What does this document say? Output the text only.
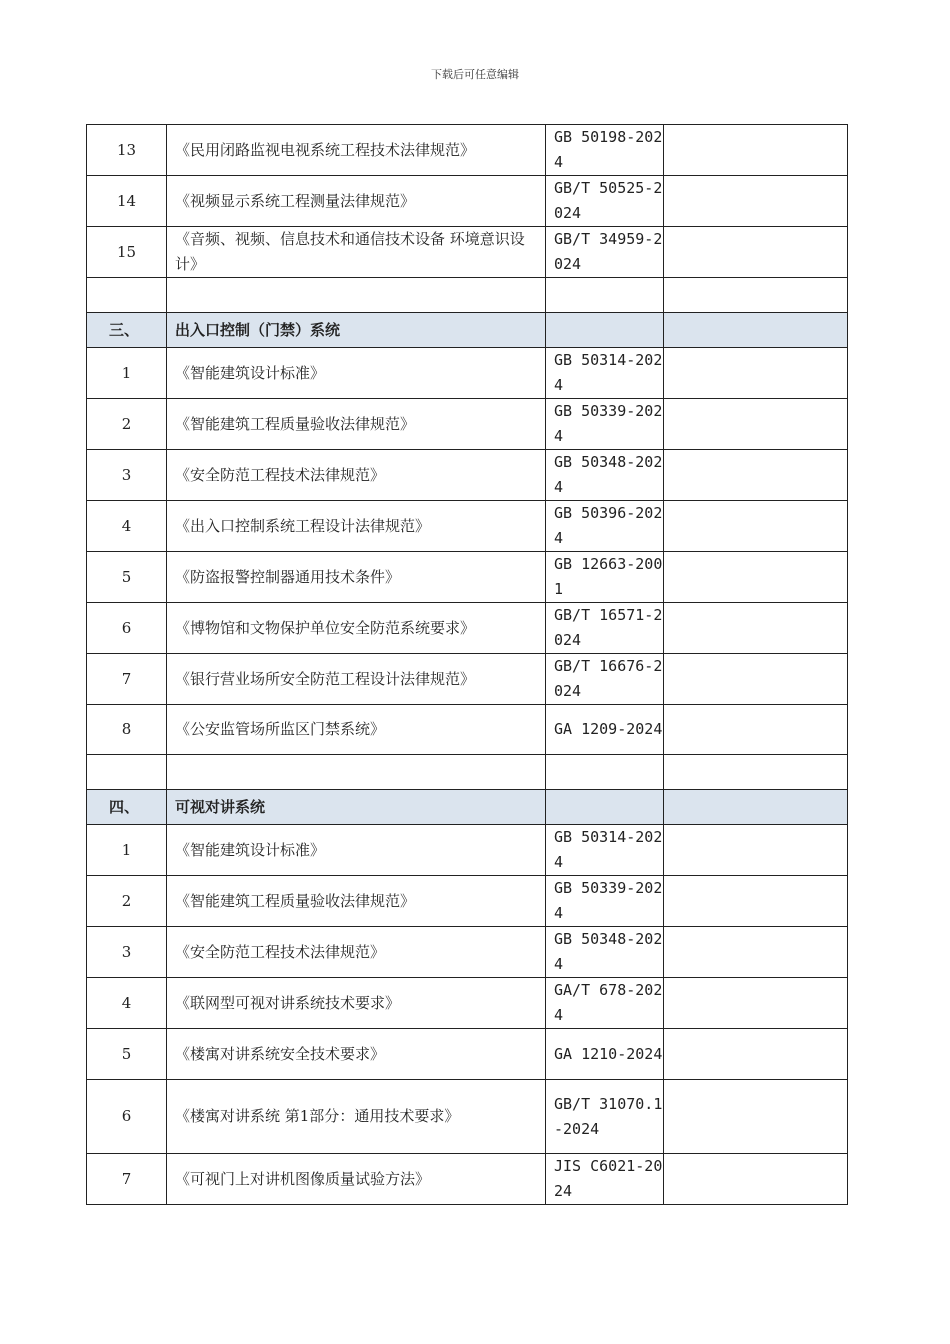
下载后可任意编辑
13	《民用闭路监视电视系统工程技术法律规范》	GB 50198-2024	
14	《视频显示系统工程测量法律规范》	GB/T 50525-2024	
15	《音频、视频、信息技术和通信技术设备 环境意识设计》	GB/T 34959-2024	

三、	出入口控制（门禁）系统		
1	《智能建筑设计标准》	GB 50314-2024	
2	《智能建筑工程质量验收法律规范》	GB 50339-2024	
3	《安全防范工程技术法律规范》	GB 50348-2024	
4	《出入口控制系统工程设计法律规范》	GB 50396-2024	
5	《防盗报警控制器通用技术条件》	GB 12663-2001	
6	《博物馆和文物保护单位安全防范系统要求》	GB/T 16571-2024	
7	《银行营业场所安全防范工程设计法律规范》	GB/T 16676-2024	
8	《公安监管场所监区门禁系统》	GA 1209-2024	

四、	可视对讲系统		
1	《智能建筑设计标准》	GB 50314-2024	
2	《智能建筑工程质量验收法律规范》	GB 50339-2024	
3	《安全防范工程技术法律规范》	GB 50348-2024	
4	《联网型可视对讲系统技术要求》	GA/T 678-2024	
5	《楼寓对讲系统安全技术要求》	GA 1210-2024	
6	《楼寓对讲系统 第1部分：通用技术要求》	GB/T 31070.1-2024	
7	《可视门上对讲机图像质量试验方法》	JIS C6021-2024	
